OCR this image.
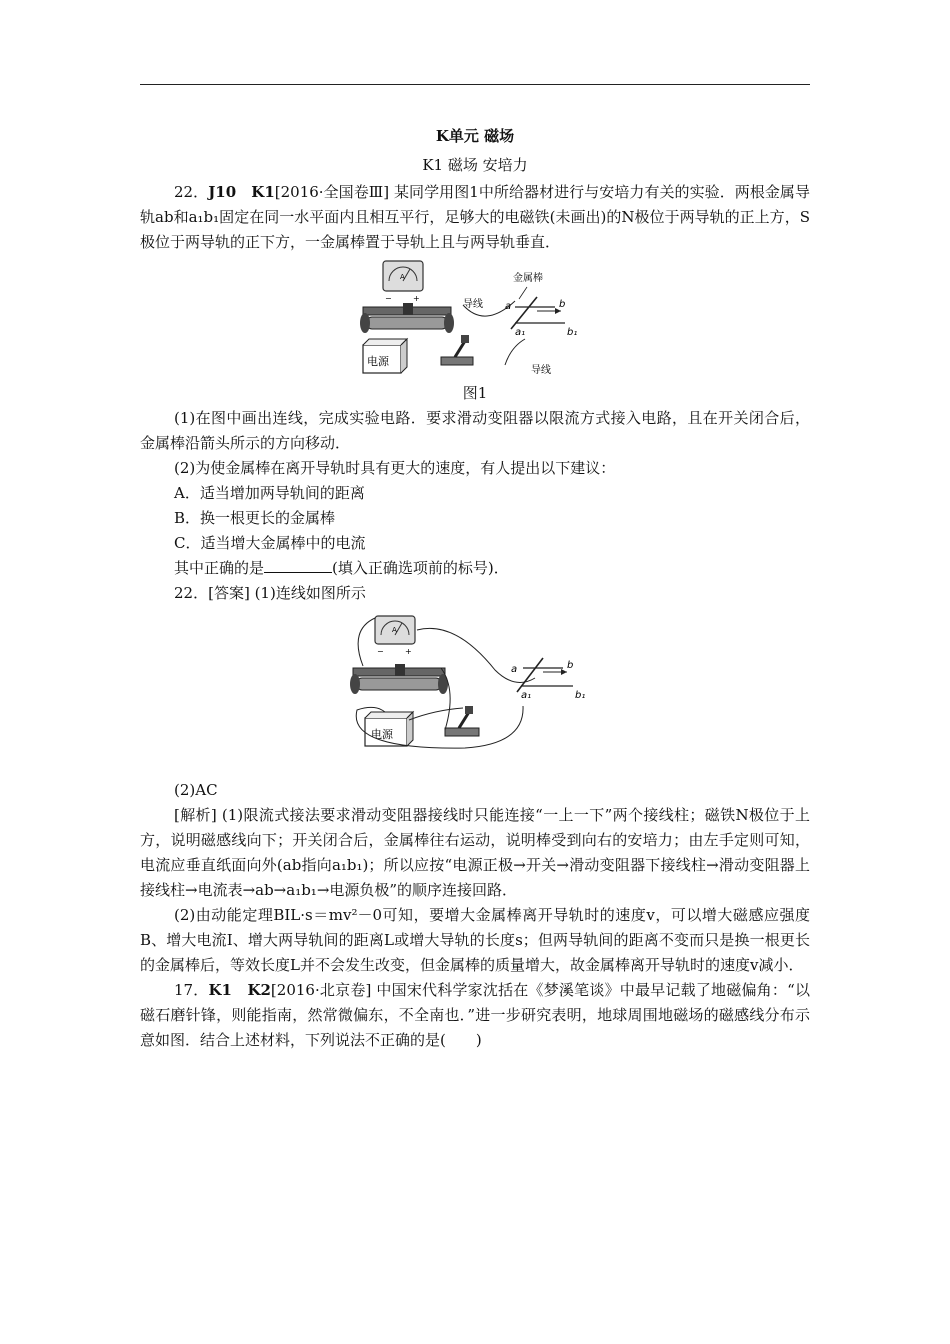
K单元 磁场
K1 磁场 安培力

22．J10　 K1[2016·全国卷Ⅲ] 某同学用图1中所给器材进行与安培力有关的实验．两根金属导轨ab和a₁b₁固定在同一水平面内且相互平行，足够大的电磁铁(未画出)的N极位于两导轨的正上方，S极位于两导轨的正下方，一金属棒置于导轨上且与两导轨垂直．

A
−	+
电源
导线
导线
金属棒
a	b
a₁	b₁
图1

(1)在图中画出连线，完成实验电路．要求滑动变阻器以限流方式接入电路，且在开关闭合后，金属棒沿箭头所示的方向移动．

(2)为使金属棒在离开导轨时具有更大的速度，有人提出以下建议：

A．适当增加两导轨间的距离

B．换一根更长的金属棒

C．适当增大金属棒中的电流

其中正确的是	(填入正确选项前的标号)．

22．[答案] (1)连线如图所示

A
−	+
电源
a	b
a₁	b₁

(2)AC

[解析] (1)限流式接法要求滑动变阻器接线时只能连接“一上一下”两个接线柱；磁铁N极位于上方，说明磁感线向下；开关闭合后，金属棒往右运动，说明棒受到向右的安培力；由左手定则可知，电流应垂直纸面向外(ab指向a₁b₁)；所以应按“电源正极→开关→滑动变阻器下接线柱→滑动变阻器上接线柱→电流表→ab→a₁b₁→电源负极”的顺序连接回路．

(2)由动能定理BIL·s＝mv²－0可知，要增大金属棒离开导轨时的速度v，可以增大磁感应强度B、增大电流I、增大两导轨间的距离L或增大导轨的长度s；但两导轨间的距离不变而只是换一根更长的金属棒后，等效长度L并不会发生改变，但金属棒的质量增大，故金属棒离开导轨时的速度v减小．

17．K1　 K2[2016·北京卷] 中国宋代科学家沈括在《梦溪笔谈》中最早记载了地磁偏角：“以磁石磨针锋，则能指南，然常微偏东，不全南也．”进一步研究表明，地球周围地磁场的磁感线分布示意如图．结合上述材料，下列说法不正确的是(　　)
